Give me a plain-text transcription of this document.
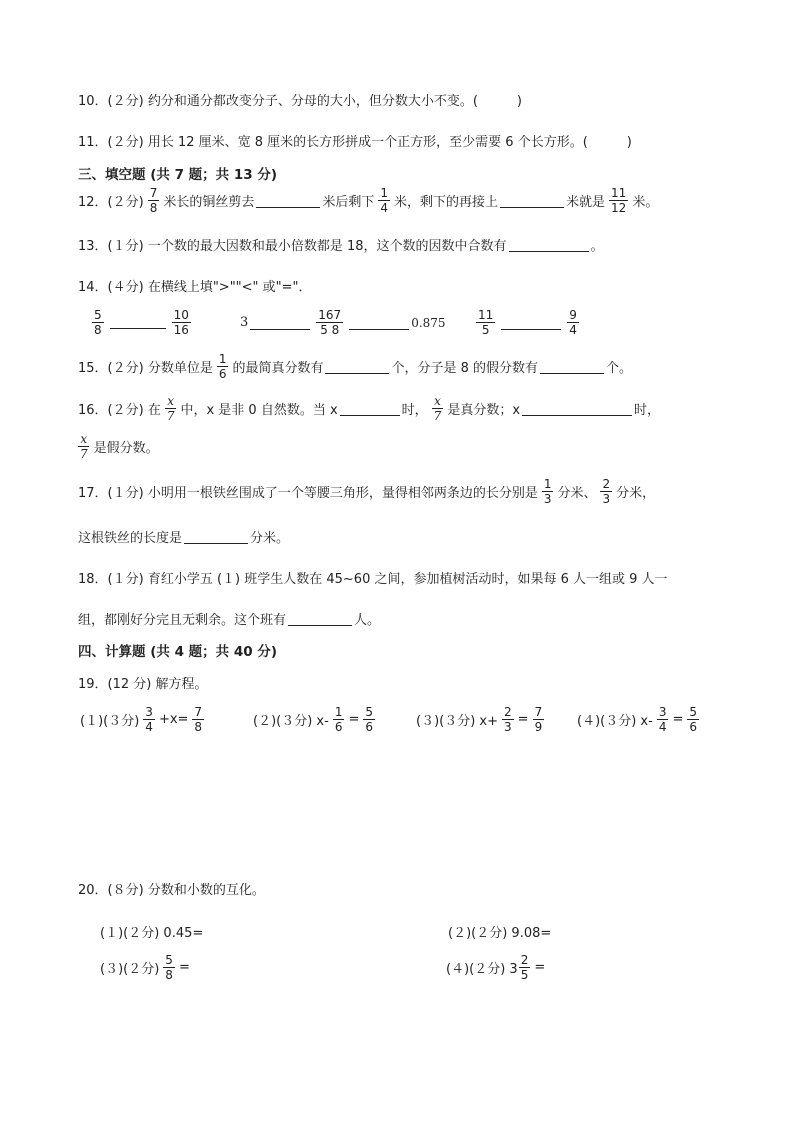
10．(２分) 约分和通分都改变分子、分母的大小，但分数大小不变。(　　　)
11．(２分) 用长 12 厘米、宽 8 厘米的长方形拼成一个正方形，至少需要 6 个长方形。(　　　)
三、填空题 (共 7 题；共 13 分)
12．(２分) $\frac{7}{8}$ 米长的铜丝剪去	米后剩下 $\frac{1}{4}$ 米，剩下的再接上	米就是 $\frac{11}{12}$ 米。
13．(１分) 一个数的最大因数和最小倍数都是 18，这个数的因数中合数有	。
14．(４分) 在横线上填">""<" 或"="．
$\frac{5}{8}$	$\frac{10}{16}$	3	$\frac{167}{5 8}$	0.875	$\frac{11}{5}$	$\frac{9}{4}$
15．(２分) 分数单位是 $\frac{1}{6}$ 的最简真分数有	个，分子是 8 的假分数有	个。
16．(２分) 在 $\frac{x}{7}$ 中，x 是非 0 自然数。当 x	时， $\frac{x}{7}$ 是真分数；x	时，
$\frac{x}{7}$ 是假分数。
17．(１分) 小明用一根铁丝围成了一个等腰三角形，量得相邻两条边的长分别是 $\frac{1}{3}$ 分米、 $\frac{2}{3}$ 分米，
这根铁丝的长度是	分米。
18．(１分) 育红小学五 (１) 班学生人数在 45~60 之间，参加植树活动时，如果每 6 人一组或 9 人一
组，都刚好分完且无剩余。这个班有	人。
四、计算题 (共 4 题；共 40 分)
19．(12 分) 解方程。
(１)(３分) $\frac{3}{4} +x= \frac{7}{8}$	(２)(３分) $x- \frac{1}{6} = \frac{5}{6}$	(３)(３分) $x+ \frac{2}{3} = \frac{7}{9}$	(４)(３分) $x- \frac{3}{4} = \frac{5}{6}$
20．(８分) 分数和小数的互化。
(１)(２分) 0.45=	(２)(２分) 9.08=
(３)(２分) $\frac{5}{8}$ =	(４)(２分) $3 \frac{2}{5}$ =
